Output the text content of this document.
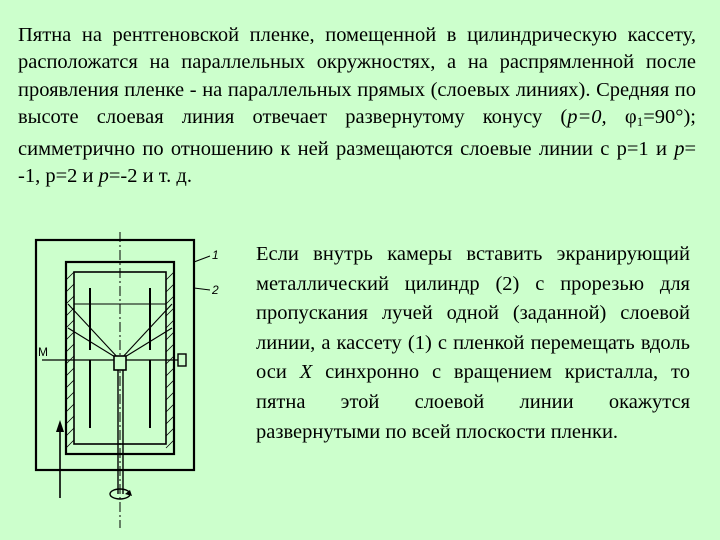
Пятна на рентгеновской пленке, помещенной в цилиндрическую кассету, расположатся на параллельных окружностях, а на распрямленной после проявления пленке - на параллельных прямых (слоевых линиях). Средняя по высоте слоевая линия отвечает развернутому конусу (p=0, $\varphi_1=90^\circ$); симметрично по отношению к ней размещаются слоевые линии с p=1 и p= -1, p=2 и p=-2 и т. д.

1
2
М

Если внутрь камеры вставить экранирующий металлический цилиндр (2) с прорезью для пропускания лучей одной (заданной) слоевой линии, а кассету (1) с пленкой перемещать вдоль оси X синхронно с вращением кристалла, то пятна этой слоевой линии окажутся развернутыми по всей плоскости пленки.
